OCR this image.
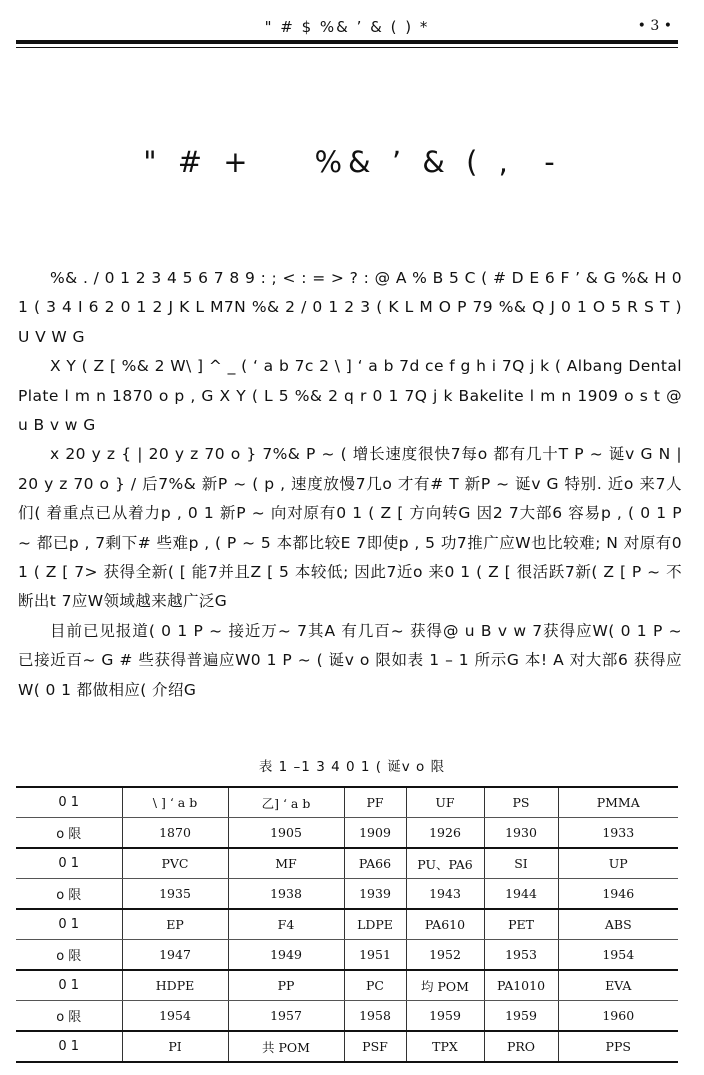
" # $ %& ’ & ( ) *	• 3 •
" # +    %& ’ & ( ,  -

%& . / 0 1 2 3 4 5 6 7 8 9 : ; < : = > ? : @ A % B 5 C ( # D E 6 F ’ & G %& H 0 1 ( 3 4 I 6 2 0 1 2 J K L M7N %& 2 / 0 1 2 3 ( K L M O P 79 %& Q J 0 1 O 5 R S T ) U V W G

X Y ( Z [ %& 2 W\ ] ^ _ ( ‘ a b 7c 2 \ ] ‘ a b 7d ce f g h i 7Q j k ( Albang Dental Plate l m n 1870 o p , G X Y ( L 5 %& 2 q r 0 1 7Q j k Bakelite l m n 1909 o s t @ u B v w G

x 20 y z { | 20 y z 70 o } 7%& P ~ ( 增长速度很快7每o 都有几十T P ~ 诞v G N | 20 y z 70 o } / 后7%& 新P ~ ( p , 速度放慢7几o 才有# T 新P ~ 诞v G 特别. 近o 来7人们( 着重点已从着力p , 0 1 新P ~ 向对原有0 1 ( Z [ 方向转G 因2 7大部6 容易p , ( 0 1 P ~ 都已p , 7剩下# 些难p , ( P ~ 5 本都比较E 7即使p , 5 功7推广应W也比较难; N 对原有0 1 ( Z [ 7> 获得全新( [ 能7并且Z [ 5 本较低; 因此7近o 来0 1 ( Z [ 很活跃7新( Z [ P ~ 不断出t 7应W领域越来越广泛G

目前已见报道( 0 1 P ~ 接近万~ 7其A 有几百~ 获得@ u B v w 7获得应W( 0 1 P ~ 已接近百~ G # 些获得普遍应W0 1 P ~ ( 诞v o 限如表 1 – 1 所示G 本! A 对大部6 获得应W( 0 1 都做相应( 介绍G

表 1 –1 3 4 0 1 ( 诞v o 限
0 1	\ ] ‘ a b	乙] ‘ a b	PF	UF	PS	PMMA
o 限	1870	1905	1909	1926	1930	1933
0 1	PVC	MF	PA66	PU、PA6	SI	UP
o 限	1935	1938	1939	1943	1944	1946
0 1	EP	F4	LDPE	PA610	PET	ABS
o 限	1947	1949	1951	1952	1953	1954
0 1	HDPE	PP	PC	均 POM	PA1010	EVA
o 限	1954	1957	1958	1959	1959	1960
0 1	PI	共 POM	PSF	TPX	PRO	PPS
